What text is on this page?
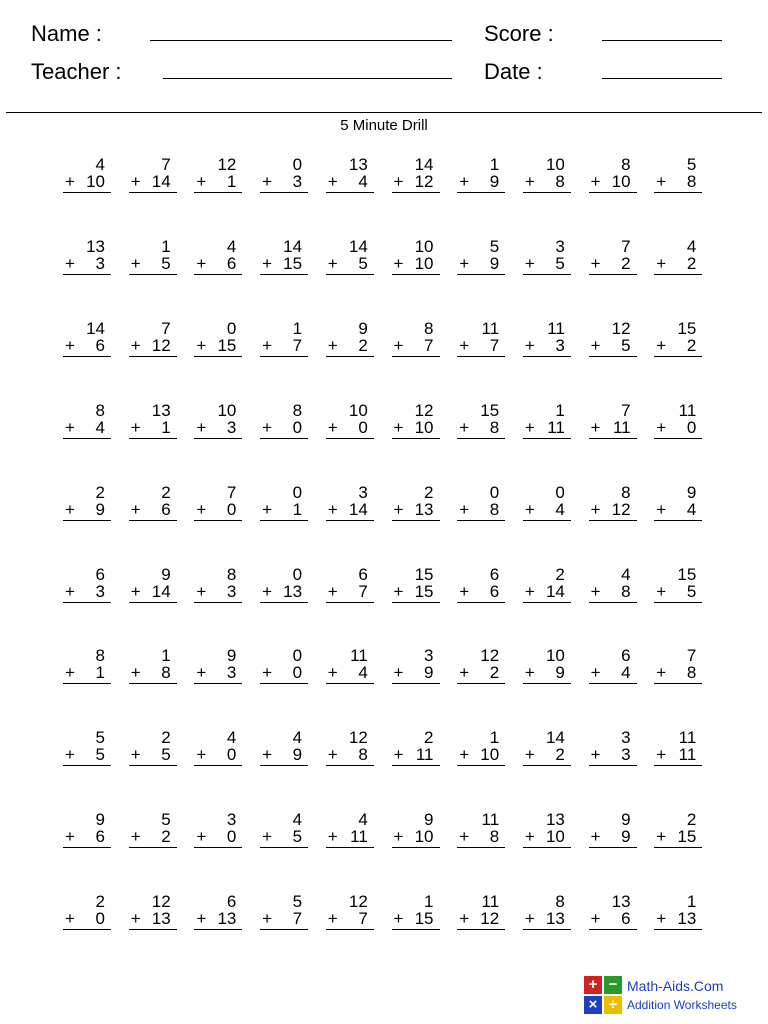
Name :	Score :
Teacher :	Date :
5 Minute Drill
4
+ 10
7
+ 14
12
+ 1
0
+ 3
13
+ 4
14
+ 12
1
+ 9
10
+ 8
8
+ 10
5
+ 8
13
+ 3
1
+ 5
4
+ 6
14
+ 15
14
+ 5
10
+ 10
5
+ 9
3
+ 5
7
+ 2
4
+ 2
14
+ 6
7
+ 12
0
+ 15
1
+ 7
9
+ 2
8
+ 7
11
+ 7
11
+ 3
12
+ 5
15
+ 2
8
+ 4
13
+ 1
10
+ 3
8
+ 0
10
+ 0
12
+ 10
15
+ 8
1
+ 11
7
+ 11
11
+ 0
2
+ 9
2
+ 6
7
+ 0
0
+ 1
3
+ 14
2
+ 13
0
+ 8
0
+ 4
8
+ 12
9
+ 4
6
+ 3
9
+ 14
8
+ 3
0
+ 13
6
+ 7
15
+ 15
6
+ 6
2
+ 14
4
+ 8
15
+ 5
8
+ 1
1
+ 8
9
+ 3
0
+ 0
11
+ 4
3
+ 9
12
+ 2
10
+ 9
6
+ 4
7
+ 8
5
+ 5
2
+ 5
4
+ 0
4
+ 9
12
+ 8
2
+ 11
1
+ 10
14
+ 2
3
+ 3
11
+ 11
9
+ 6
5
+ 2
3
+ 0
4
+ 5
4
+ 11
9
+ 10
11
+ 8
13
+ 10
9
+ 9
2
+ 15
2
+ 0
12
+ 13
6
+ 13
5
+ 7
12
+ 7
1
+ 15
11
+ 12
8
+ 13
13
+ 6
1
+ 13
+ −
× ÷
Math-Aids.Com
Addition Worksheets
